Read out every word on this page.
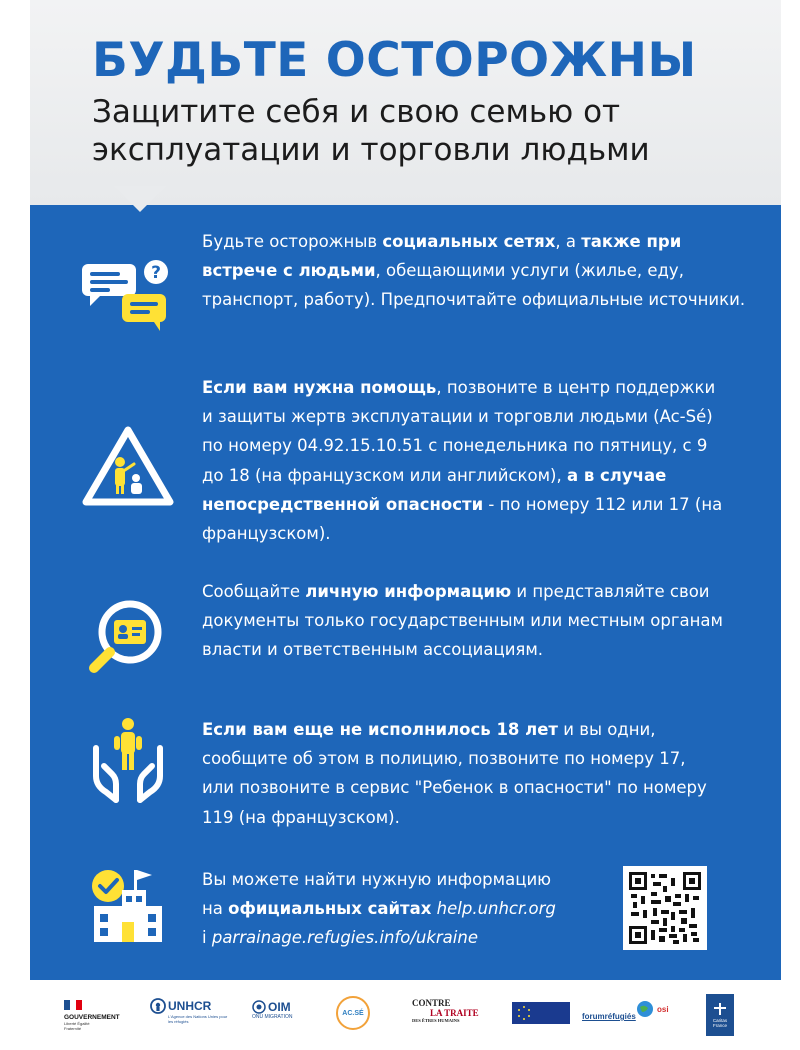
БУДЬТЕ ОСТОРОЖНЫ
Защитите себя и свою семью от эксплуатации и торговли людьми
?
Будьте осторожныв социальных сетях, а также при встрече с людьми, обещающими услуги (жилье, еду, транспорт, работу). Предпочитайте официальные источники.
Если вам нужна помощь, позвоните в центр поддержки и защиты жертв эксплуатации и торговли людьми (Ac-Sé) по номеру 04.92.15.10.51 с понедельника по пятницу, с 9 до 18 (на французском или английском), а в случае непосредственной опасности - по номеру 112 или 17 (на французском).
Сообщайте личную информацию и представляйте свои документы только государственным или местным органам власти и ответственным ассоциациям.
Если вам еще не исполнилось 18 лет и вы одни, сообщите об этом в полицию, позвоните по номеру 17, или позвоните в сервис "Ребенок в опасности" по номеру 119 (на французском).
Вы можете найти нужную информацию
на официальных сайтах help.unhcr.org
i parrainage.refugies.info/ukraine
GOUVERNEMENT
Liberté Égalité Fraternité
UNHCR
L'Agence des Nations Unies pour les réfugiés
OIM
ONU MIGRATION
AC.SÉ
CONTRE
LA TRAITE
DES ÊTRES HUMAINS	forumréfugiés
osi
Caritas France
